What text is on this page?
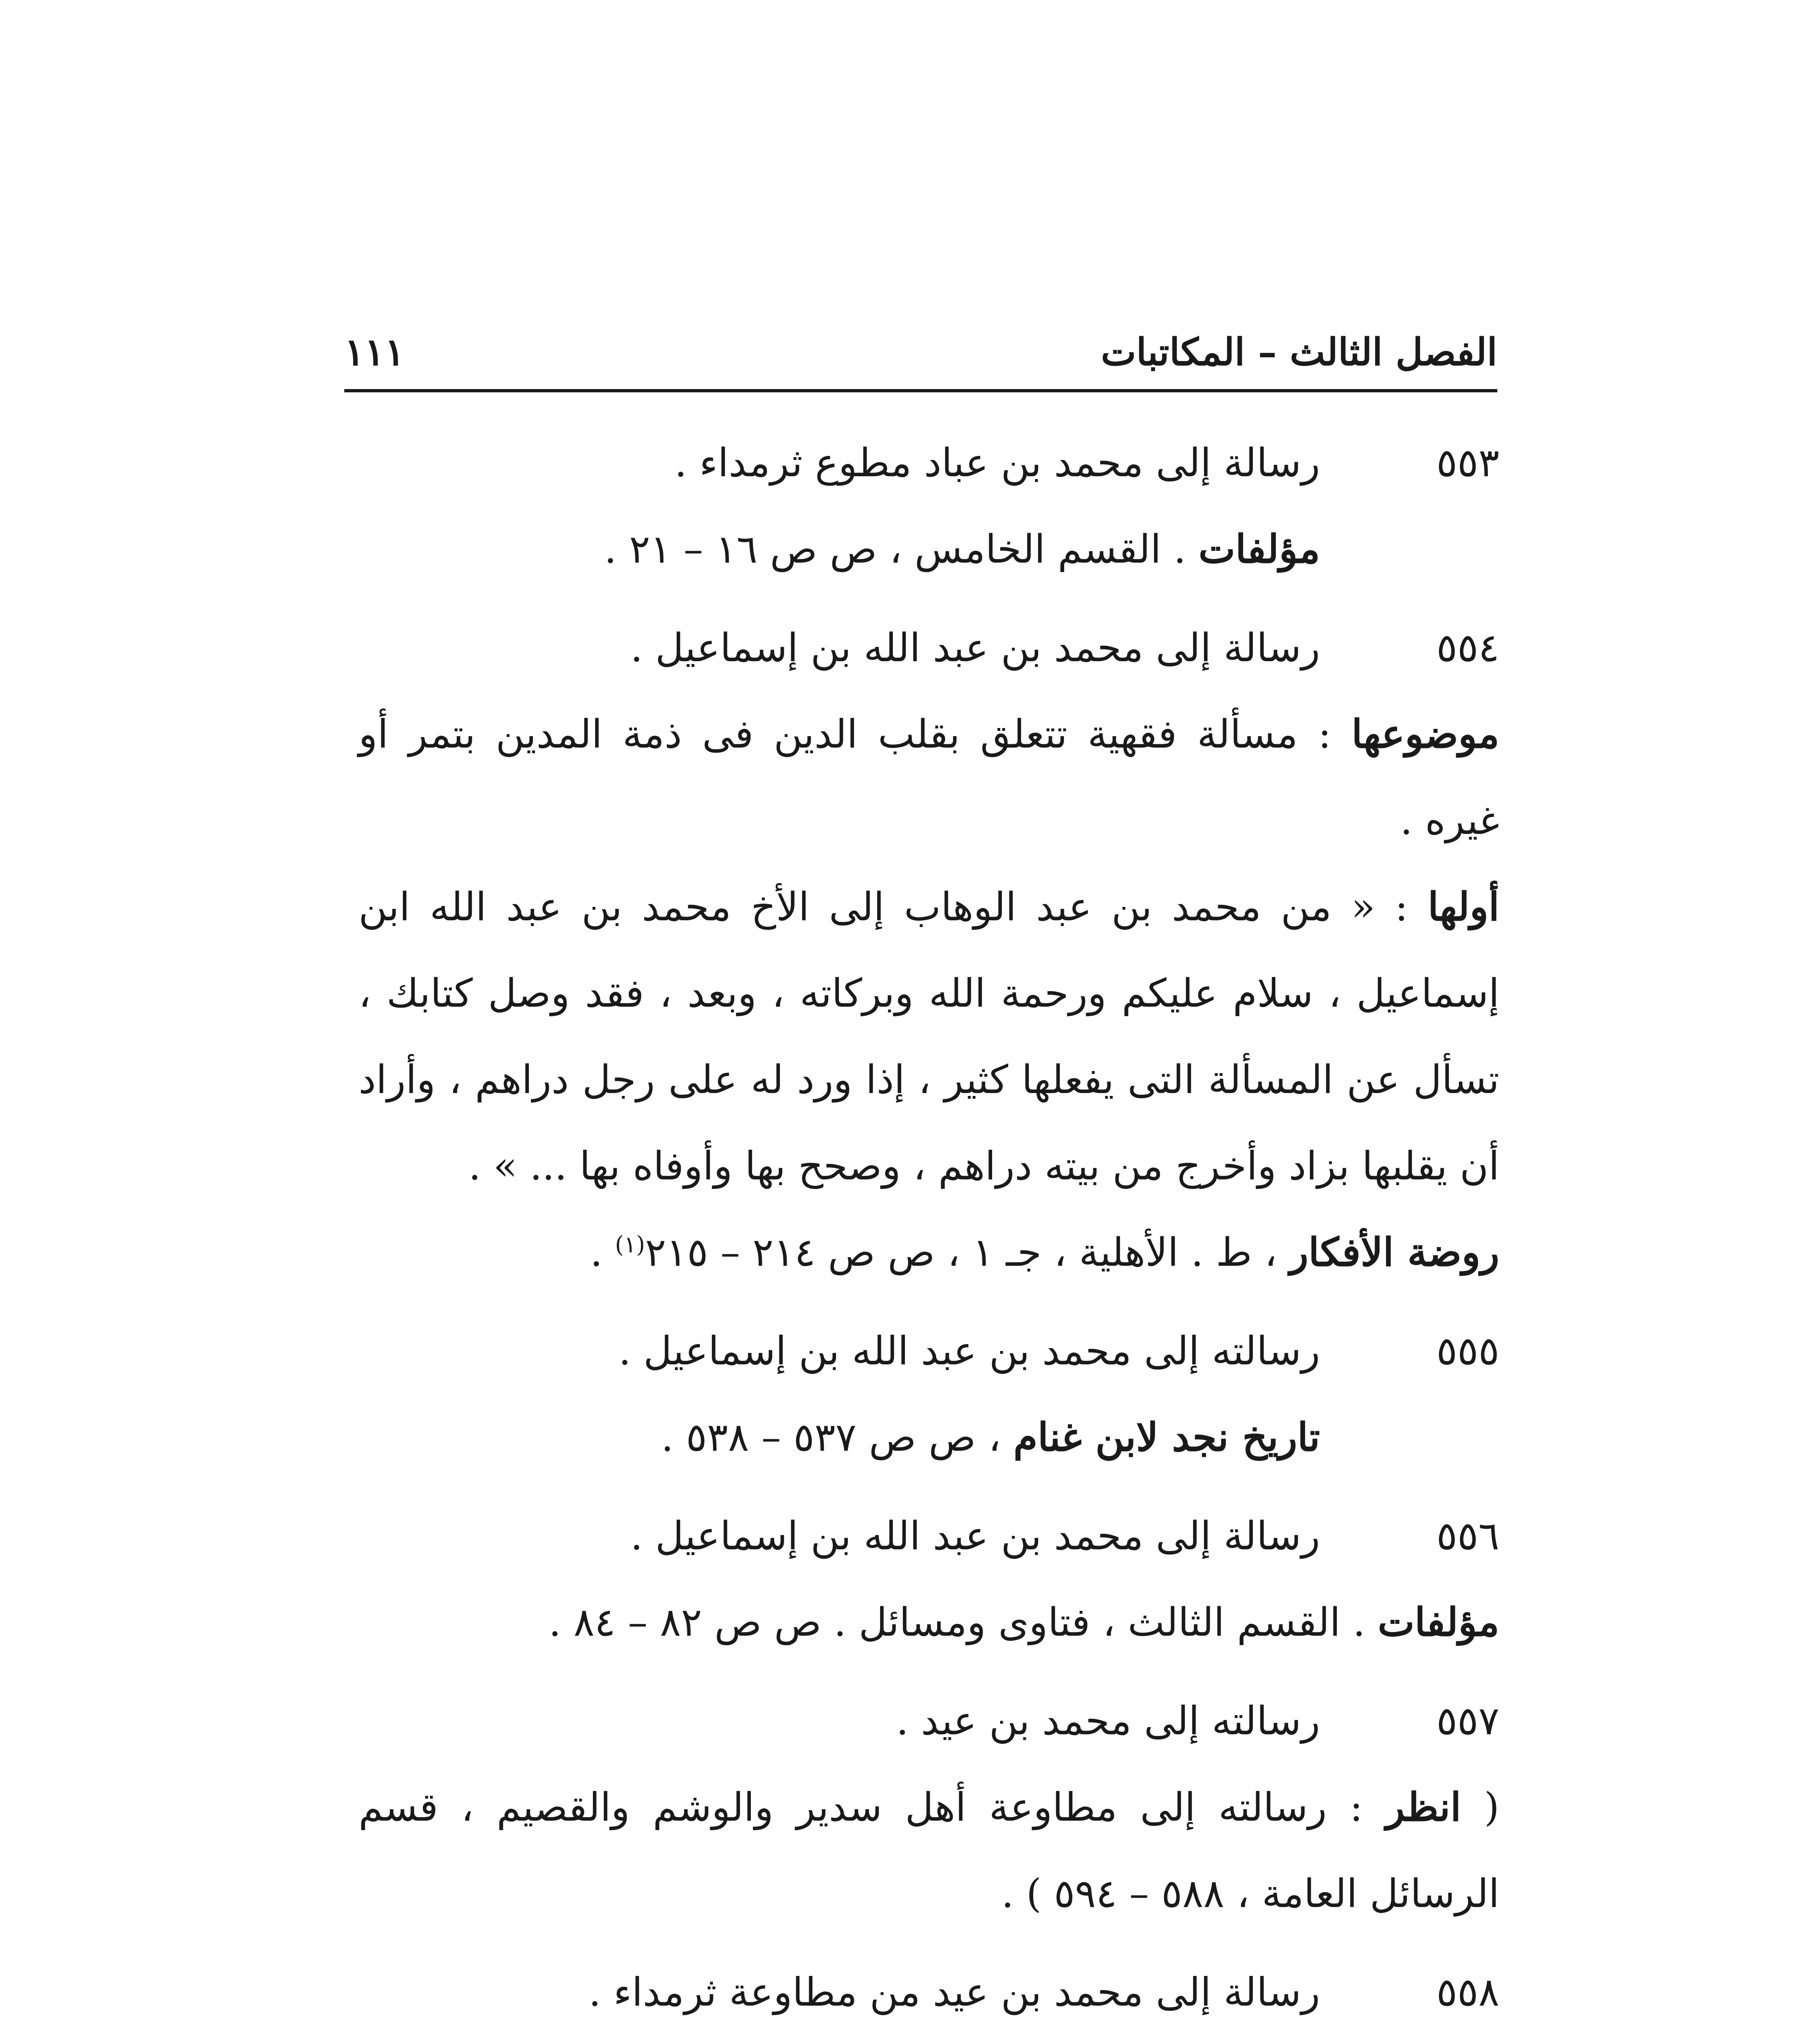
الفصل الثالث – المكاتبات
١١١
٥٥٣
رسالة إلى محمد بن عباد مطوع ثرمداء .
مؤلفات . القسم الخامس ، ص ص ١٦ – ٢١ .
٥٥٤
رسالة إلى محمد بن عبد الله بن إسماعيل .
موضوعها : مسألة فقهية تتعلق بقلب الدين فى ذمة المدين بتمر أو غيره .
أولها : « من محمد بن عبد الوهاب إلى الأخ محمد بن عبد الله ابن إسماعيل ، سلام عليكم ورحمة الله وبركاته ، وبعد ، فقد وصل كتابك ، تسأل عن المسألة التى يفعلها كثير ، إذا ورد له على رجل دراهم ، وأراد أن يقلبها بزاد وأخرج من بيته دراهم ، وصحح بها وأوفاه بها ... » .
روضة الأفكار ، ط . الأهلية ، جـ ١ ، ص ص ٢١٤ – ٢١٥$^{(١)}$ .
٥٥٥
رسالته إلى محمد بن عبد الله بن إسماعيل .
تاريخ نجد لابن غنام ، ص ص ٥٣٧ – ٥٣٨ .
٥٥٦
رسالة إلى محمد بن عبد الله بن إسماعيل .
مؤلفات . القسم الثالث ، فتاوى ومسائل . ص ص ٨٢ – ٨٤ .
٥٥٧
رسالته إلى محمد بن عيد .
( انظر : رسالته إلى مطاوعة أهل سدير والوشم والقصيم ، قسم الرسائل العامة ، ٥٨٨ – ٥٩٤ ) .
٥٥٨
رسالة إلى محمد بن عيد من مطاوعة ثرمداء .
